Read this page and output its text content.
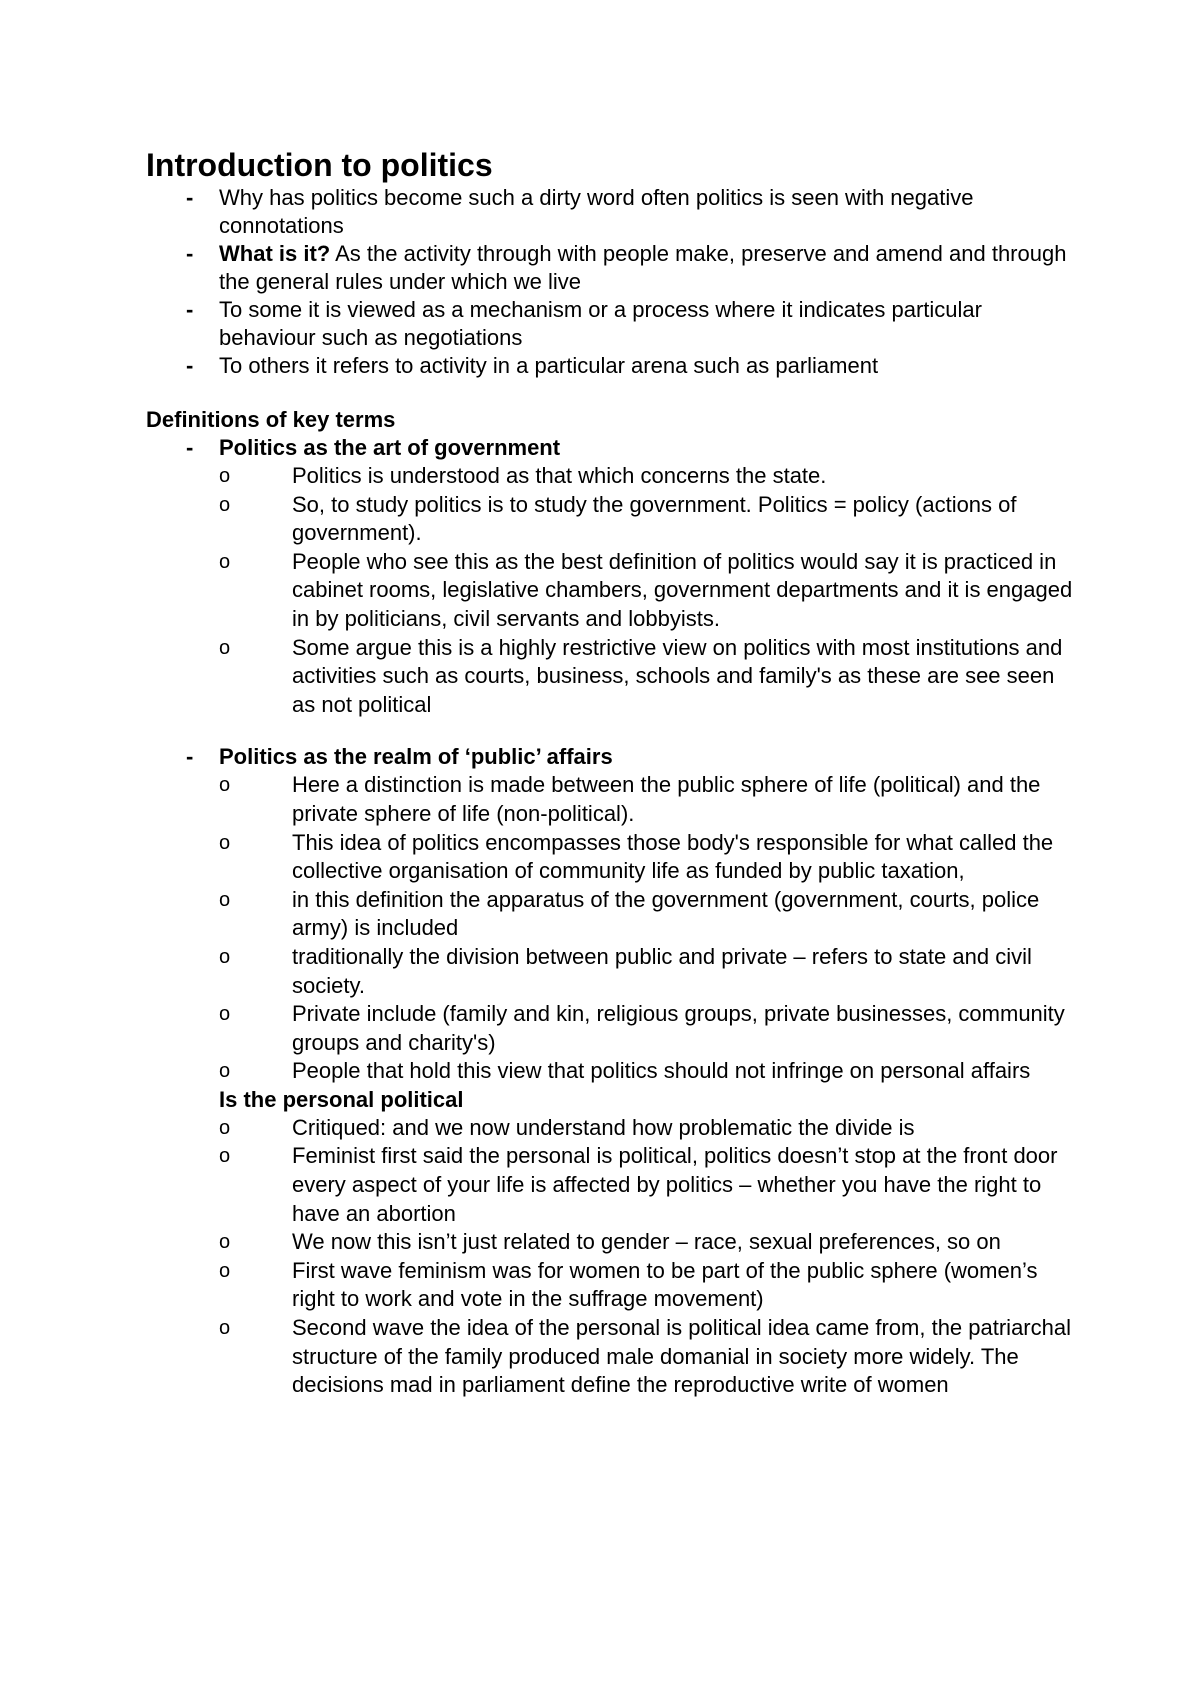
Introduction to politics
-	Why has politics become such a dirty word often politics is seen with negative connotations
-	What is it? As the activity through with people make, preserve and amend and through the general rules under which we live
-	To some it is viewed as a mechanism or a process where it indicates particular behaviour such as negotiations
-	To others it refers to activity in a particular arena such as parliament
Definitions of key terms
-	Politics as the art of government
o	Politics is understood as that which concerns the state.
o	So, to study politics is to study the government. Politics = policy (actions of government).
o	People who see this as the best definition of politics would say it is practiced in cabinet rooms, legislative chambers, government departments and it is engaged in by politicians, civil servants and lobbyists.
o	Some argue this is a highly restrictive view on politics with most institutions and activities such as courts, business, schools and family's as these are see seen as not political
-	Politics as the realm of ‘public’ affairs
o	Here a distinction is made between the public sphere of life (political) and the private sphere of life (non-political).
o	This idea of politics encompasses those body's responsible for what called the collective organisation of community life as funded by public taxation,
o	in this definition the apparatus of the government (government, courts, police army) is included
o	traditionally the division between public and private – refers to state and civil society.
o	Private include (family and kin, religious groups, private businesses, community groups and charity's)
o	People that hold this view that politics should not infringe on personal affairs
Is the personal political
o	Critiqued: and we now understand how problematic the divide is
o	Feminist first said the personal is political, politics doesn’t stop at the front door every aspect of your life is affected by politics – whether you have the right to have an abortion
o	We now this isn’t just related to gender – race, sexual preferences, so on
o	First wave feminism was for women to be part of the public sphere (women’s right to work and vote in the suffrage movement)
o	Second wave the idea of the personal is political idea came from, the patriarchal structure of the family produced male domanial in society more widely. The decisions mad in parliament define the reproductive write of women
